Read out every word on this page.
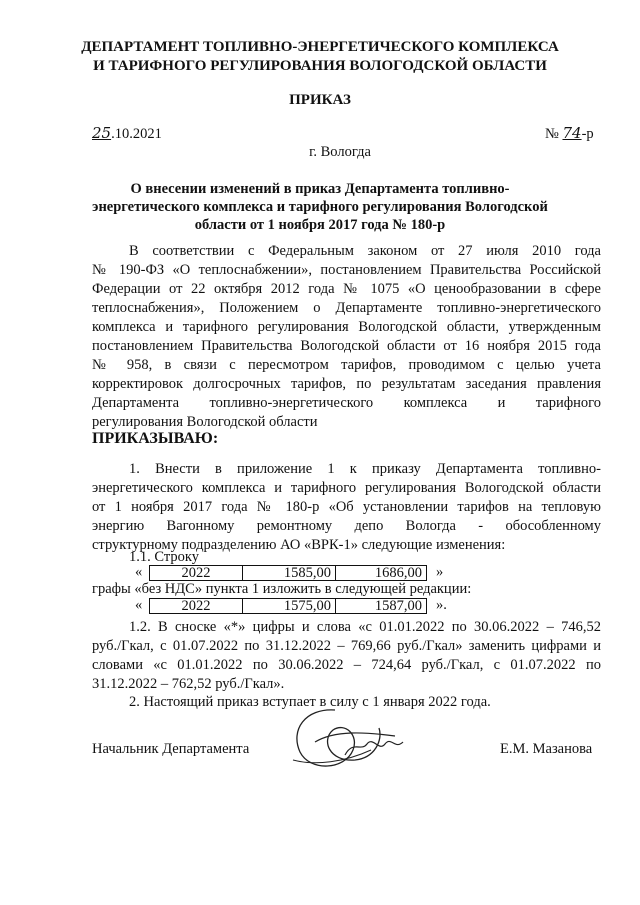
ДЕПАРТАМЕНТ ТОПЛИВНО-ЭНЕРГЕТИЧЕСКОГО КОМПЛЕКСА
И ТАРИФНОГО РЕГУЛИРОВАНИЯ ВОЛОГОДСКОЙ ОБЛАСТИ
ПРИКАЗ
25.10.2021	№ 74-р
г. Вологда
О внесении изменений в приказ Департамента топливно-
энергетического комплекса и тарифного регулирования Вологодской
области от 1 ноября 2017 года № 180-р
В соответствии с Федеральным законом от 27 июля 2010 года
№ 190-ФЗ «О теплоснабжении», постановлением Правительства Российской
Федерации от 22 октября 2012 года № 1075 «О ценообразовании в сфере
теплоснабжения», Положением о Департаменте топливно-энергетического
комплекса и тарифного регулирования Вологодской области, утвержденным
постановлением Правительства Вологодской области от 16 ноября 2015 года
№ 958, в связи с пересмотром тарифов, проводимом с целью учета
корректировок долгосрочных тарифов, по результатам заседания правления
Департамента топливно-энергетического комплекса и тарифного
регулирования Вологодской области
ПРИКАЗЫВАЮ:
1. Внести в приложение 1 к приказу Департамента топливно-
энергетического комплекса и тарифного регулирования Вологодской области
от 1 ноября 2017 года № 180-р «Об установлении тарифов на тепловую
энергию Вагонному ремонтному депо Вологда - обособленному
структурному подразделению АО «ВРК-1» следующие изменения:
1.1. Строку
«	2022	1585,00	1686,00 »
графы «без НДС» пункта 1 изложить в следующей редакции:
«	2022	1575,00	1587,00 ».
1.2. В сноске «*» цифры и слова «с 01.01.2022 по 30.06.2022 – 746,52
руб./Гкал, с 01.07.2022 по 31.12.2022 – 769,66 руб./Гкал» заменить цифрами и
словами «с 01.01.2022 по 30.06.2022 – 724,64 руб./Гкал, с 01.07.2022 по
31.12.2022 – 762,52 руб./Гкал».
2. Настоящий приказ вступает в силу с 1 января 2022 года.
Начальник Департамента	Е.М. Мазанова
